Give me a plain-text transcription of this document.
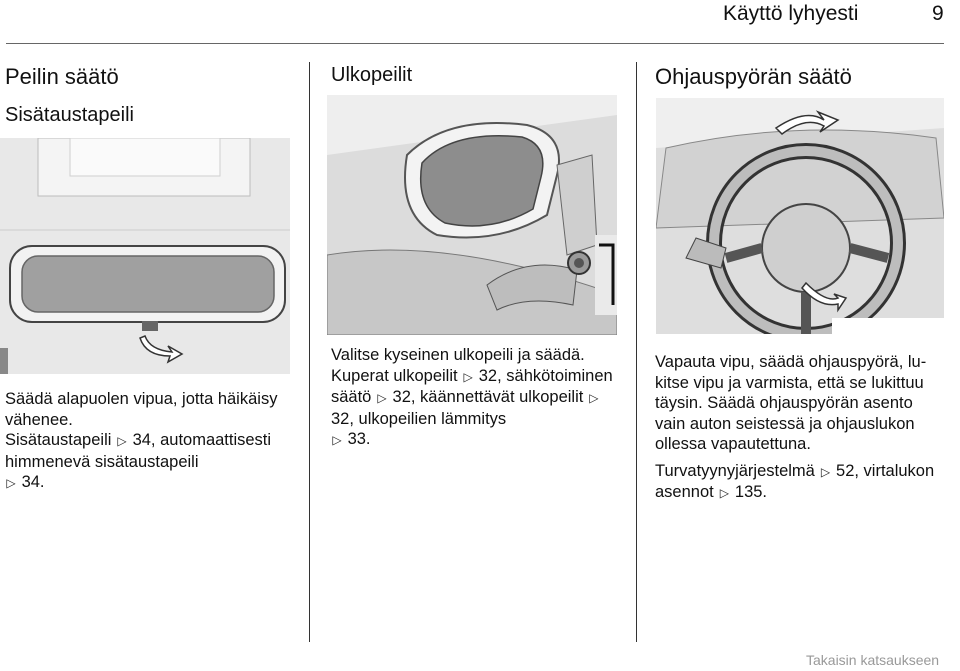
Käyttö lyhyesti	9
Peilin säätö
Sisätaustapeili

Säädä alapuolen vipua, jotta häikäisy vähenee.

Sisätaustapeili ▷ 34, automaattisesti himmenevä sisätaustapeili
▷ 34.

Ulkopeilit

Valitse kyseinen ulkopeili ja säädä.

Kuperat ulkopeilit ▷ 32, sähkötoiminen säätö ▷ 32, käännettävät ulkopeilit ▷ 32, ulkopeilien lämmitys
▷ 33.

Ohjauspyörän säätö

Vapauta vipu, säädä ohjauspyörä, lukitse vipu ja varmista, että se lukittuu täysin. Säädä ohjauspyörän asento vain auton seistessä ja ohjauslukon ollessa vapautettuna.

Turvatyynyjärjestelmä ▷ 52, virtalukon asennot ▷ 135.

Takaisin katsaukseen
